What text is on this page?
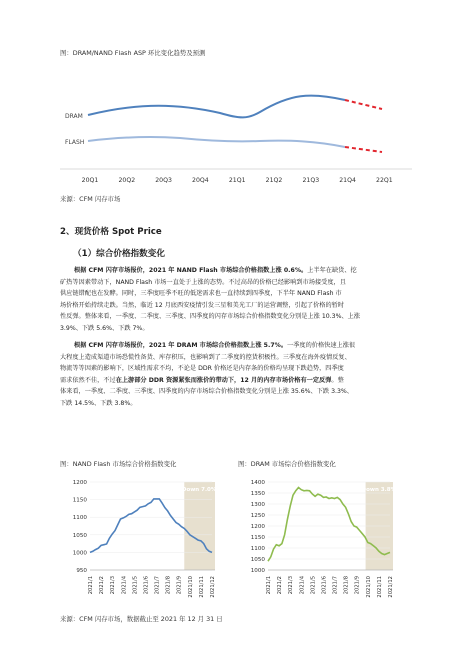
图：DRAM/NAND Flash ASP 环比变化趋势及预测
DRAM
FLASH
20Q1	20Q2	20Q3	20Q4	21Q1	21Q2	21Q3	21Q4	22Q1
来源：CFM 闪存市场
2、现货价格 Spot Price
（1）综合价格指数变化
根据 CFM 闪存市场报价，2021 年 NAND Flash 市场综合价格指数上涨 0.6%。上半年在缺货、挖
矿热等因素带动下，NAND Flash 市场一直处于上涨的态势。不过高昂的价格已经影响到市场接受度，且
供应链错配也在发酵。同时，三季度旺季不旺的低迷需求也一直持续到四季度，下半年 NAND Flash 市
场价格开始持续走跌。当然，临近 12 月底西安疫情引发三星和美光工厂的运营调整，引起了价格的暂时
性反弹。整体来看，一季度、二季度、三季度、四季度的闪存市场综合价格指数变化分别是上涨 10.3%、上涨
3.9%、下跌 5.6%、下跌 7%。
根据 CFM 闪存市场报价，2021 年 DRAM 市场综合价格指数上涨 5.7%。一季度的价格快速上涨很
大程度上造成渠道市场恐慌性备货、库存积压，也影响到了二季度的控货积极性。三季度在海外疫情反复、
物流等等因素的影响下，区域性需求不均，不论是 DDR 价格还是内存条的价格均呈现下跌趋势，四季度
需求依然不佳，不过在上游部分 DDR 资源紧张而涨价的带动下，12 月的内存市场价格有一定反弹。整
体来看，一季度、二季度、三季度、四季度的内存市场综合价格指数变化分别是上涨 35.6%、下跌 3.3%、
下跌 14.5%、下跌 3.8%。
图：NAND Flash 市场综合价格指数变化	图：DRAM 市场综合价格指数变化
Down 7.0%
950
1000
1050
1100
1150
1200
2021/1 2021/2 2021/3 2021/4 2021/5 2021/6 2021/7 2021/8 2021/9 2021/10 2021/11 2021/12
Down 3.8%
1000
1050
1100
1150
1200
1250
1300
1350
1400
2021/1 2021/2 2021/3 2021/4 2021/5 2021/6 2021/7 2021/8 2021/9 2021/10 2021/11 2021/12
来源：CFM 闪存市场，数据截止至 2021 年 12 月 31 日
